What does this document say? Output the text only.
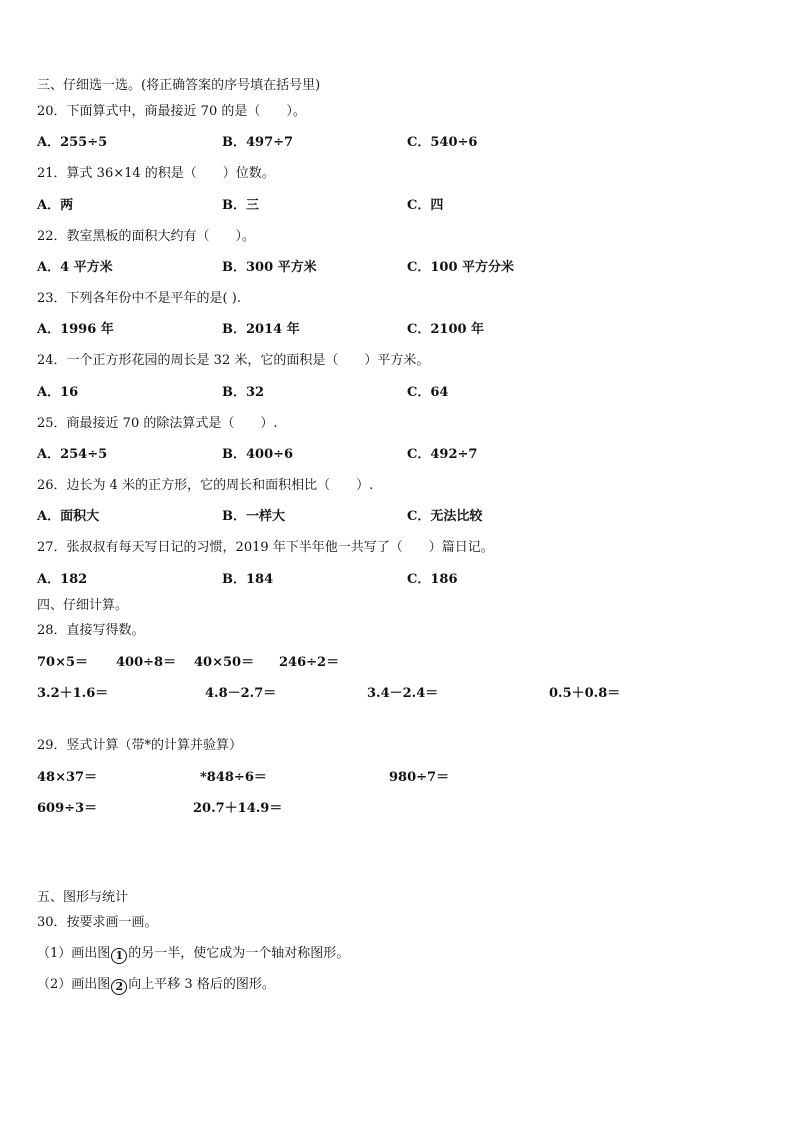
三、仔细选一选。(将正确答案的序号填在括号里)
20．下面算式中，商最接近 70 的是（　　）。
A．255÷5	B．497÷7	C．540÷6
21．算式 36×14 的积是（　　）位数。
A．两	B．三	C．四
22．教室黑板的面积大约有（　　）。
A．4 平方米	B．300 平方米	C．100 平方分米
23．下列各年份中不是平年的是( ).
A．1996 年	B．2014 年	C．2100 年
24．一个正方形花园的周长是 32 米，它的面积是（　　）平方米。
A．16	B．32	C．64
25．商最接近 70 的除法算式是（　　）.
A．254÷5	B．400÷6	C．492÷7
26．边长为 4 米的正方形，它的周长和面积相比（　　）.
A．面积大	B．一样大	C．无法比较
27．张叔叔有每天写日记的习惯，2019 年下半年他一共写了（　　）篇日记。
A．182	B．184	C．186
四、仔细计算。
28．直接写得数。
70×5＝ 400÷8＝ 40×50＝ 246÷2＝
3.2＋1.6＝	4.8－2.7＝	3.4－2.4＝	0.5＋0.8＝
29．竖式计算（带*的计算并验算）
48×37＝	*848÷6＝	980÷7＝
609÷3＝	20.7＋14.9＝
五、图形与统计
30．按要求画一画。
（1）画出图 1 的另一半，使它成为一个轴对称图形。
（2）画出图 2 向上平移 3 格后的图形。
